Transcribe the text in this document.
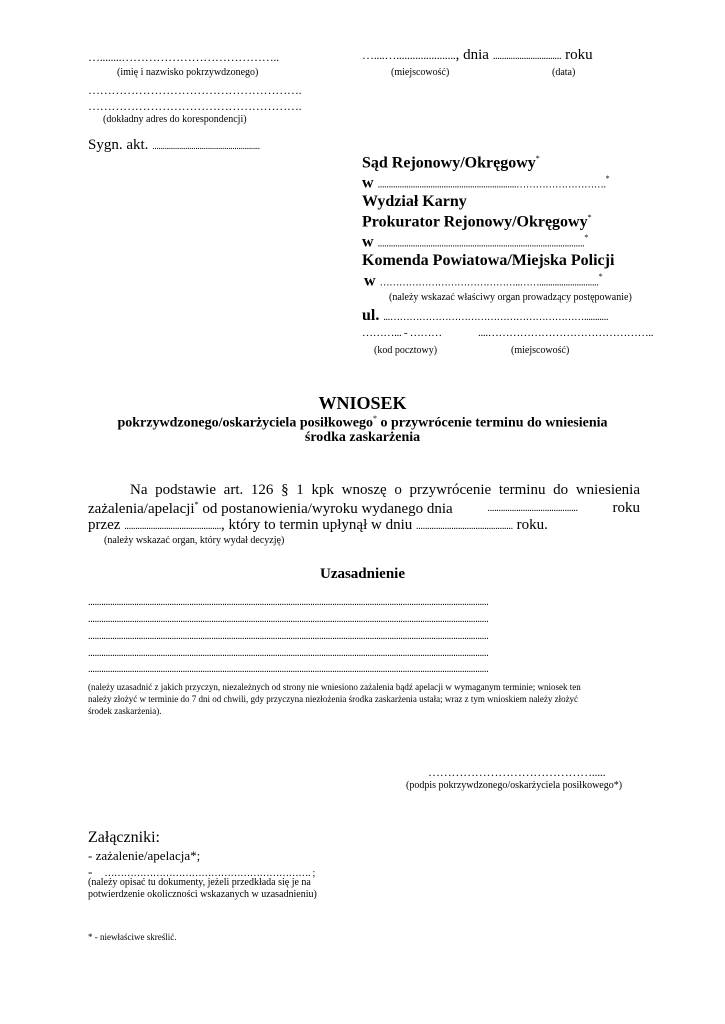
…........…………………………………..
(imię i nazwisko pokrzywdzonego)
……………………………………………….
……………………………………………….
(dokładny adres do korespondencji)
Sygn. akt. .......................................................
…....…......................, dnia ............................... roku
(miejscowość)	(data)
Sąd Rejonowy/Okręgowy*
w ...............................................................……………………….*
Wydział Karny
Prokurator Rejonowy/Okręgowy*
w ..............................................................................................*
Komenda Powiatowa/Miejska Policji
w ……………………………………..……...........................*
(należy wskazać właściwy organ prowadzący postępowanie)
ul. ...……………………………………………………...........
………... - ………	....………………………………………..
(kod pocztowy)	(miejscowość)
WNIOSEK
pokrzywdzonego/oskarżyciela posiłkowego* o przywrócenie terminu do wniesienia
środka zaskarżenia
Na podstawie art. 126 § 1 kpk wnoszę o przywrócenie terminu do wniesienia
zażalenia/apelacji* od postanowienia/wyroku wydanego dnia	......................................... roku
przez ............................................, który to termin upłynął w dniu ............................................ roku.
(należy wskazać organ, który wydał decyzję)
Uzasadnienie
......................................................................................................................................................................................
......................................................................................................................................................................................
......................................................................................................................................................................................
......................................................................................................................................................................................
......................................................................................................................................................................................
(należy uzasadnić z jakich przyczyn, niezależnych od strony nie wniesiono zażalenia bądź apelacji w wymaganym terminie; wniosek ten
należy złożyć w terminie do 7 dni od chwili, gdy przyczyna niezłożenia środka zaskarżenia ustała; wraz z tym wnioskiem należy złożyć
środek zaskarżenia).
…………………………………….....
(podpis pokrzywdzonego/oskarżyciela posiłkowego*)
Załączniki:
- zażalenie/apelacja*;
- ………………………………………………………. ;
(należy opisać tu dokumenty, jeżeli przedkłada się je na
potwierdzenie okoliczności wskazanych w uzasadnieniu)
* - niewłaściwe skreślić.
